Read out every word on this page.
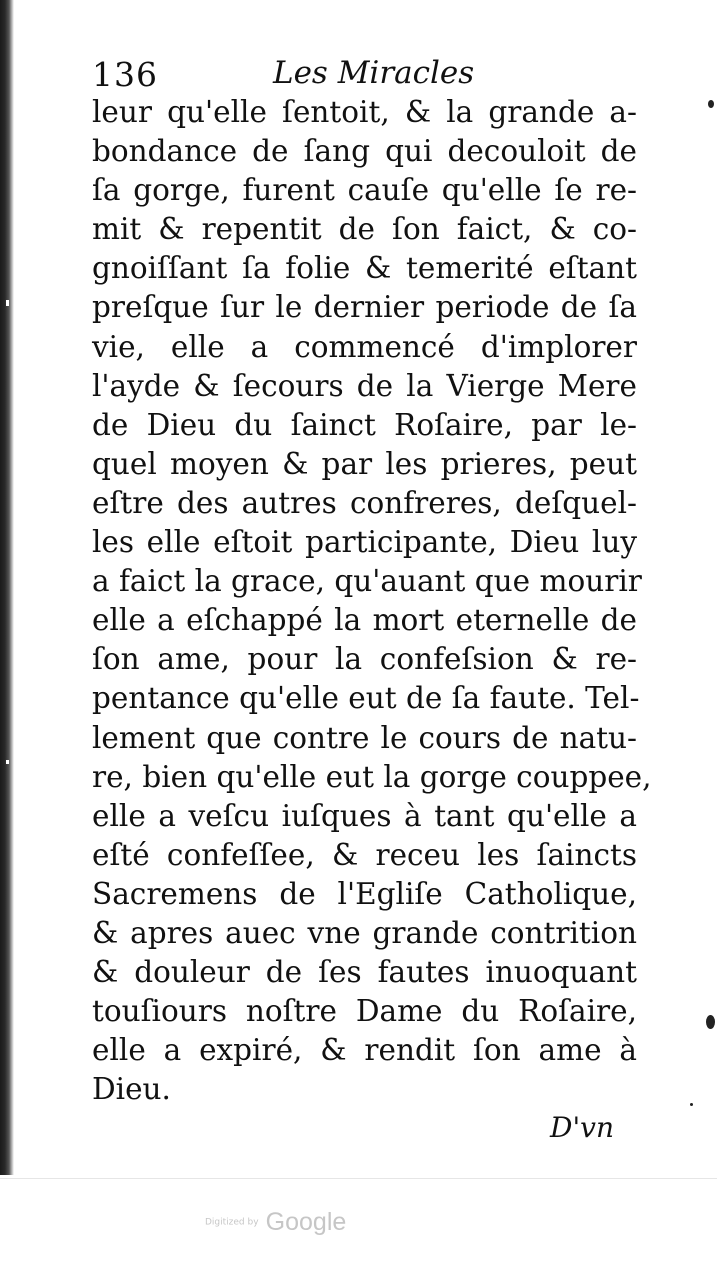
136	Les Miracles
leur qu'elle ſentoit, & la grande a-
bondance de ſang qui decouloit de
ſa gorge, furent cauſe qu'elle ſe re-
mit & repentit de ſon faict, & co-
gnoiſſant ſa folie & temerité eſtant
preſque ſur le dernier periode de ſa
vie, elle a commencé d'implorer
l'ayde & ſecours de la Vierge Mere
de Dieu du ſainct Roſaire, par le-
quel moyen & par les prieres, peut
eſtre des autres confreres, deſquel-
les elle eſtoit participante, Dieu luy
a faict la grace, qu'auant que mourir
elle a eſchappé la mort eternelle de
ſon ame, pour la confeſsion & re-
pentance qu'elle eut de ſa faute. Tel-
lement que contre le cours de natu-
re, bien qu'elle eut la gorge couppee,
elle a veſcu iuſques à tant qu'elle a
eſté confeſſee, & receu les ſaincts
Sacremens de l'Egliſe Catholique,
& apres auec vne grande contrition
& douleur de ſes fautes inuoquant
touſiours noſtre Dame du Roſaire,
elle a expiré, & rendit ſon ame à
Dieu.
D'vn
Digitized by Google
